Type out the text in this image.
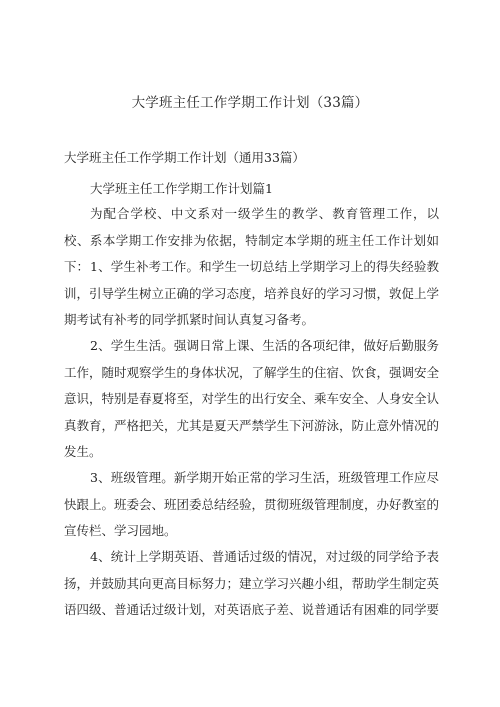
大学班主任工作学期工作计划（33篇）
大学班主任工作学期工作计划（通用33篇）
大学班主任工作学期工作计划篇1

为配合学校、中文系对一级学生的教学、教育管理工作，以校、系本学期工作安排为依据，特制定本学期的班主任工作计划如下： 1、学生补考工作。和学生一切总结上学期学习上的得失经验教训，引导学生树立正确的学习态度，培养良好的学习习惯，敦促上学期考试有补考的同学抓紧时间认真复习备考。

2、学生生活。强调日常上课、生活的各项纪律，做好后勤服务工作，随时观察学生的身体状况，了解学生的住宿、饮食，强调安全意识，特别是春夏将至，对学生的出行安全、乘车安全、人身安全认真教育，严格把关，尤其是夏天严禁学生下河游泳，防止意外情况的发生。

3、班级管理。新学期开始正常的学习生活，班级管理工作应尽快跟上。班委会、班团委总结经验，贯彻班级管理制度，办好教室的宣传栏、学习园地。

4、统计上学期英语、普通话过级的情况，对过级的同学给予表扬，并鼓励其向更高目标努力；建立学习兴趣小组，帮助学生制定英语四级、普通话过级计划，对英语底子差、说普通话有困难的同学要
